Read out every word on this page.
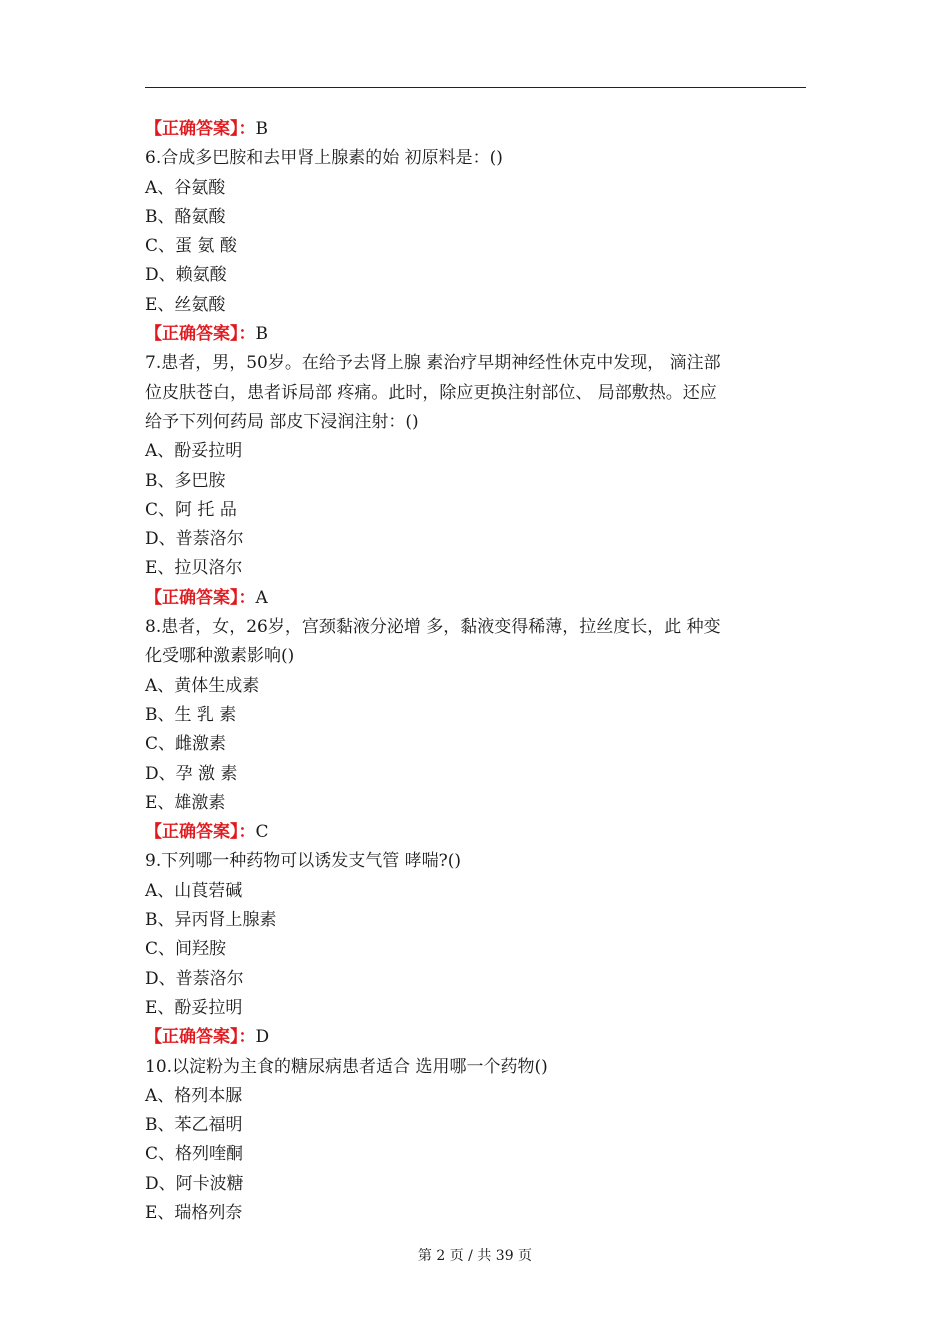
【正确答案】：B
6.合成多巴胺和去甲肾上腺素的始 初原料是：()
A、谷氨酸
B、酪氨酸
C、蛋 氨 酸
D、赖氨酸
E、丝氨酸
【正确答案】：B
7.患者，男，50岁。在给予去肾上腺 素治疗早期神经性休克中发现， 滴注部
位皮肤苍白，患者诉局部 疼痛。此时，除应更换注射部位、 局部敷热。还应
给予下列何药局 部皮下浸润注射：()
A、酚妥拉明
B、多巴胺
C、阿 托 品
D、普萘洛尔
E、拉贝洛尔
【正确答案】：A
8.患者，女，26岁，宫颈黏液分泌增 多，黏液变得稀薄，拉丝度长，此 种变
化受哪种激素影响()
A、黄体生成素
B、生 乳 素
C、雌激素
D、孕 激 素
E、雄激素
【正确答案】：C
9.下列哪一种药物可以诱发支气管 哮喘?()
A、山莨菪碱
B、异丙肾上腺素
C、间羟胺
D、普萘洛尔
E、酚妥拉明
【正确答案】：D
10.以淀粉为主食的糖尿病患者适合 选用哪一个药物()
A、格列本脲
B、苯乙福明
C、格列喹酮
D、阿卡波糖
E、瑞格列奈
第 2 页 / 共 39 页
